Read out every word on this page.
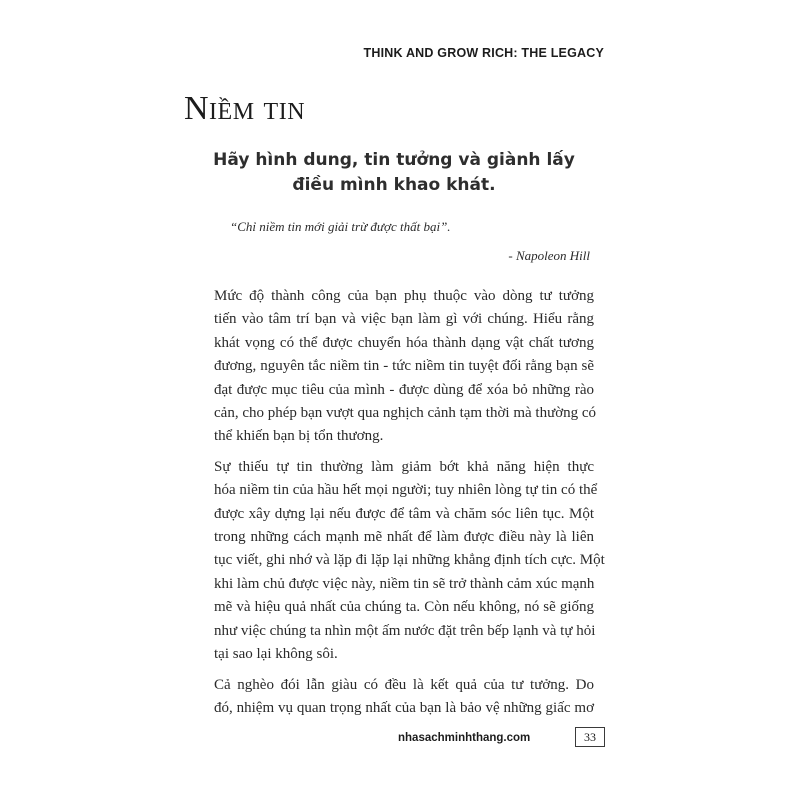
THINK AND GROW RICH: THE LEGACY
Niềm tin
Hãy hình dung, tin tưởng và giành lấy
điều mình khao khát.
“Chỉ niềm tin mới giải trừ được thất bại”.
- Napoleon Hill

Mức độ thành công của bạn phụ thuộc vào dòng tư tưởng
tiến vào tâm trí bạn và việc bạn làm gì với chúng. Hiểu rằng
khát vọng có thể được chuyển hóa thành dạng vật chất tương
đương, nguyên tắc niềm tin - tức niềm tin tuyệt đối rằng bạn sẽ
đạt được mục tiêu của mình - được dùng để xóa bỏ những rào
cản, cho phép bạn vượt qua nghịch cảnh tạm thời mà thường có
thể khiến bạn bị tổn thương.

Sự thiếu tự tin thường làm giảm bớt khả năng hiện thực
hóa niềm tin của hầu hết mọi người; tuy nhiên lòng tự tin có thể
được xây dựng lại nếu được để tâm và chăm sóc liên tục. Một
trong những cách mạnh mẽ nhất để làm được điều này là liên
tục viết, ghi nhớ và lặp đi lặp lại những khẳng định tích cực. Một
khi làm chủ được việc này, niềm tin sẽ trở thành cảm xúc mạnh
mẽ và hiệu quả nhất của chúng ta. Còn nếu không, nó sẽ giống
như việc chúng ta nhìn một ấm nước đặt trên bếp lạnh và tự hỏi
tại sao lại không sôi.

Cả nghèo đói lẫn giàu có đều là kết quả của tư tưởng. Do
đó, nhiệm vụ quan trọng nhất của bạn là bảo vệ những giấc mơ

nhasachminhthang.com	33
